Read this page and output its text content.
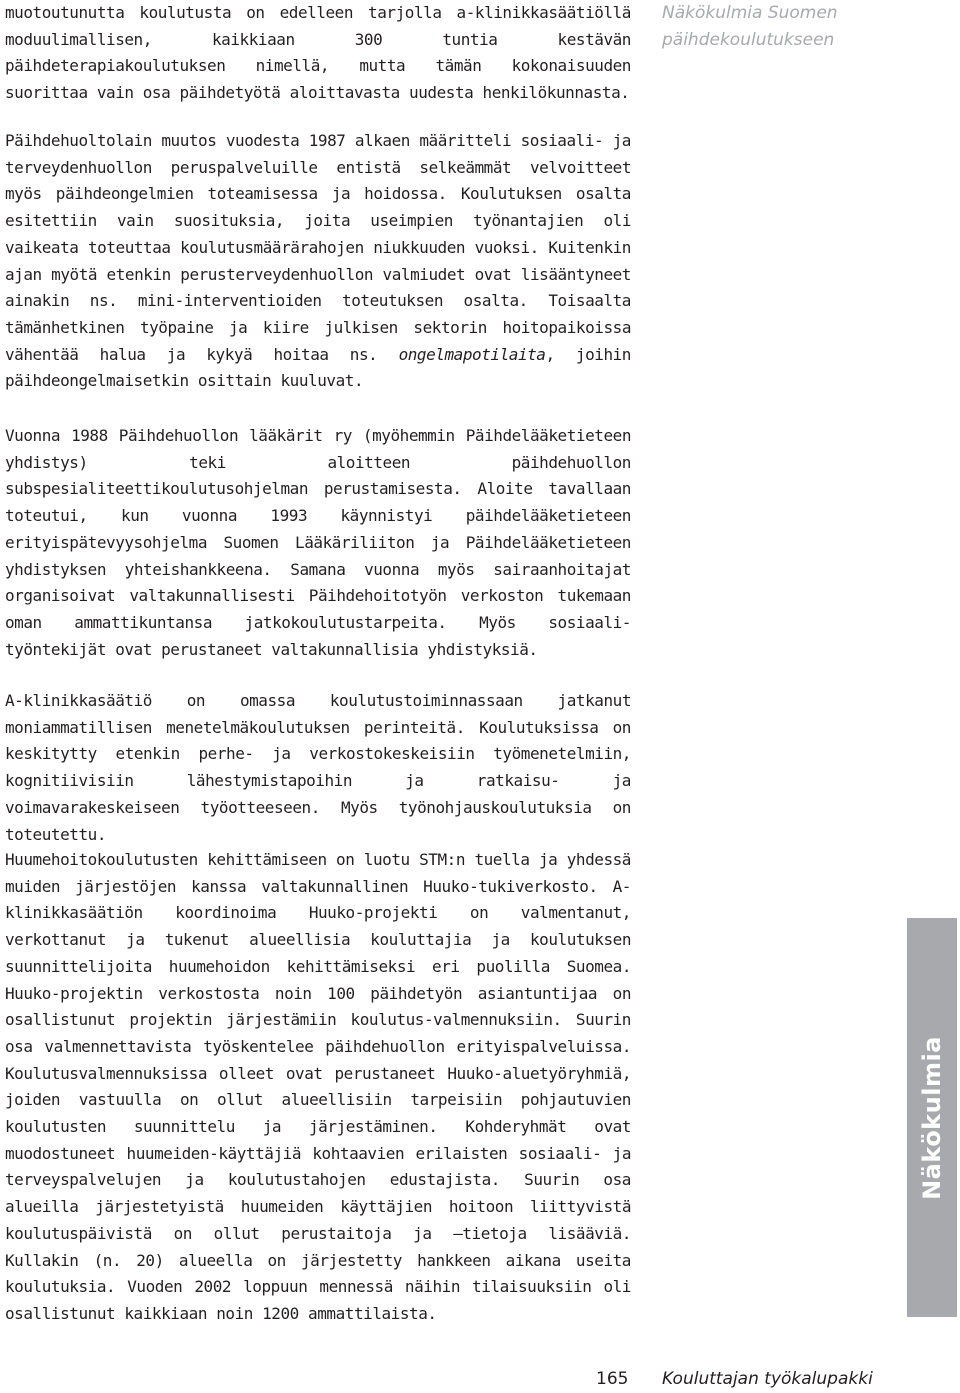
muotoutunutta koulutusta on edelleen tarjolla a-klinikkasäätiöllä moduulimallisen, kaikkiaan 300 tuntia kestävän päihdeterapiakoulutuksen nimellä, mutta tämän kokonaisuuden suorittaa vain osa päihdetyötä aloittavasta uudesta henkilökunnasta.

Näkökulmia Suomen
päihdekoulutukseen

Päihdehuoltolain muutos vuodesta 1987 alkaen määritteli sosiaali- ja terveydenhuollon peruspalveluille entistä selkeämmät velvoitteet myös päihdeongelmien toteamisessa ja hoidossa. Koulutuksen osalta esitettiin vain suosituksia, joita useimpien työnantajien oli vaikeata toteuttaa koulutusmäärärahojen niukkuuden vuoksi. Kuitenkin ajan myötä etenkin perusterveydenhuollon valmiudet ovat lisääntyneet ainakin ns. mini-interventioiden toteutuksen osalta. Toisaalta tämänhetkinen työpaine ja kiire julkisen sektorin hoitopaikoissa vähentää halua ja kykyä hoitaa ns. ongelmapotilaita, joihin päihdeongelmaisetkin osittain kuuluvat.

Vuonna 1988 Päihdehuollon lääkärit ry (myöhemmin Päihdelääketieteen yhdistys) teki aloitteen päihdehuollon subspesialiteettikoulutusohjelman perustamisesta. Aloite tavallaan toteutui, kun vuonna 1993 käynnistyi päihdelääketieteen erityispätevyysohjelma Suomen Lääkäriliiton ja Päihdelääketieteen yhdistyksen yhteishankkeena. Samana vuonna myös sairaanhoitajat organisoivat valtakunnallisesti Päihdehoitotyön verkoston tukemaan oman ammattikuntansa jatkokoulutustarpeita. Myös sosiaali-työntekijät ovat perustaneet valtakunnallisia yhdistyksiä.

A-klinikkasäätiö on omassa koulutustoiminnassaan jatkanut moniammatillisen menetelmäkoulutuksen perinteitä. Koulutuksissa on keskitytty etenkin perhe- ja verkostokeskeisiin työmenetelmiin, kognitiivisiin lähestymistapoihin ja ratkaisu- ja voimavarakeskeiseen työotteeseen. Myös työnohjauskoulutuksia on toteutettu.

Huumehoitokoulutusten kehittämiseen on luotu STM:n tuella ja yhdessä muiden järjestöjen kanssa valtakunnallinen Huuko-tukiverkosto. A-klinikkasäätiön koordinoima Huuko-projekti on valmentanut, verkottanut ja tukenut alueellisia kouluttajia ja koulutuksen suunnittelijoita huumehoidon kehittämiseksi eri puolilla Suomea. Huuko-projektin verkostosta noin 100 päihdetyön asiantuntijaa on osallistunut projektin järjestämiin koulutus-valmennuksiin. Suurin osa valmennettavista työskentelee päihdehuollon erityispalveluissa. Koulutusvalmennuksissa olleet ovat perustaneet Huuko-aluetyöryhmiä, joiden vastuulla on ollut alueellisiin tarpeisiin pohjautuvien koulutusten suunnittelu ja järjestäminen. Kohderyhmät ovat muodostuneet huumeiden-käyttäjiä kohtaavien erilaisten sosiaali- ja terveyspalvelujen ja koulutustahojen edustajista. Suurin osa alueilla järjestetyistä huumeiden käyttäjien hoitoon liittyvistä koulutuspäivistä on ollut perustaitoja ja –tietoja lisääviä. Kullakin (n. 20) alueella on järjestetty hankkeen aikana useita koulutuksia. Vuoden 2002 loppuun mennessä näihin tilaisuuksiin oli osallistunut kaikkiaan noin 1200 ammattilaista.

Näkökulmia
165 Kouluttajan työkalupakki
